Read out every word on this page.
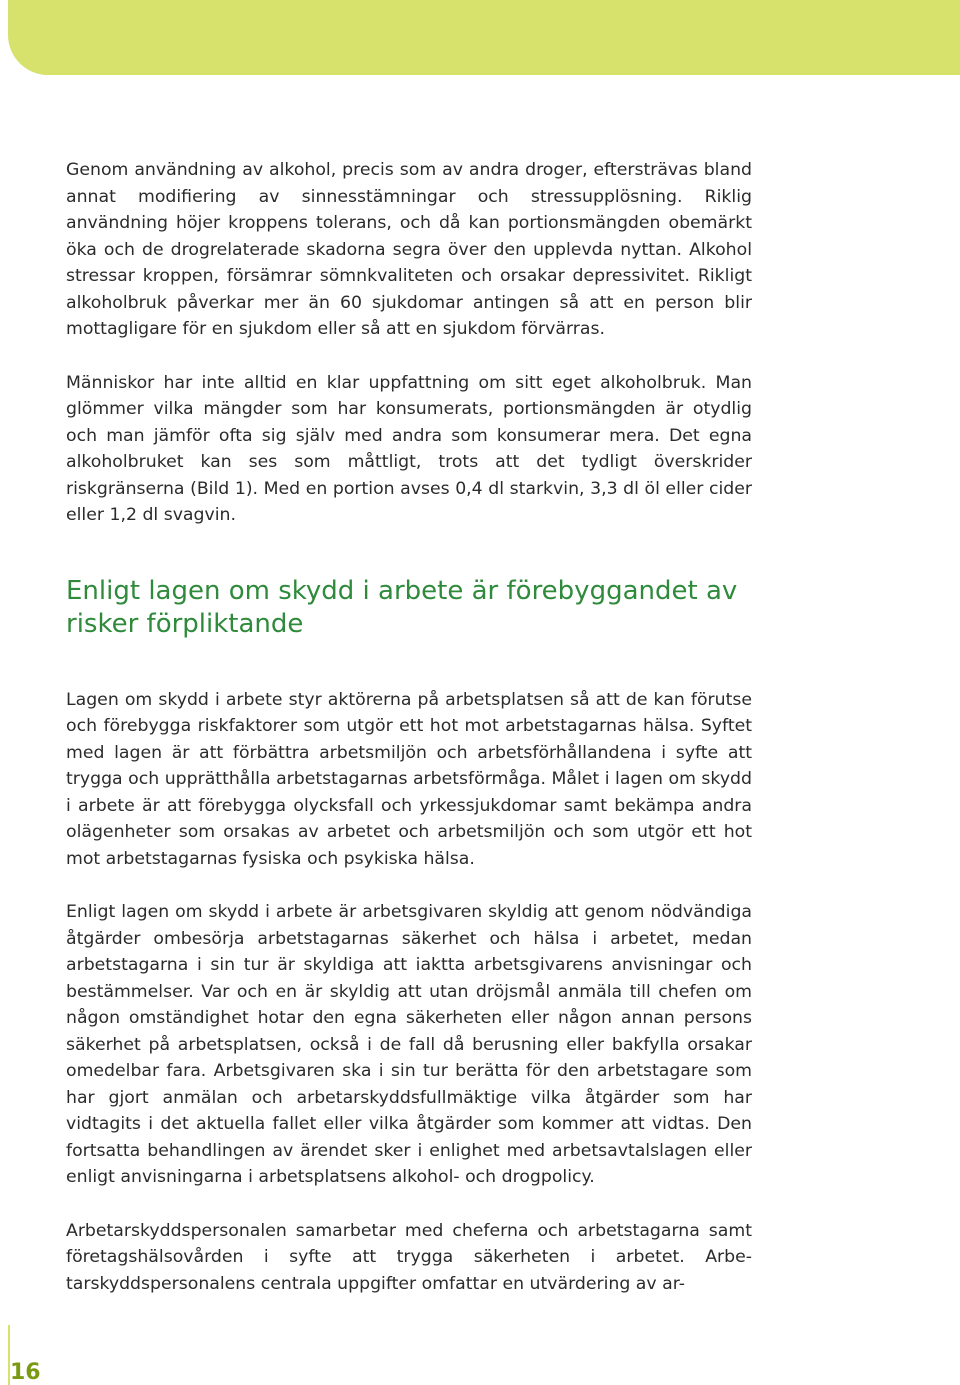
Genom användning av alkohol, precis som av andra droger, eftersträvas bland annat modifiering av sinnesstämningar och stressupplösning. Riklig användning höjer kroppens tolerans, och då kan portionsmängden obemärkt öka och de drogrelaterade skadorna segra över den upplevda nyttan. Alkohol stressar kroppen, försämrar sömnkvaliteten och orsakar depressivitet. Rikligt alkoholbruk påverkar mer än 60 sjukdomar antingen så att en person blir mottagligare för en sjukdom eller så att en sjukdom förvärras.

Människor har inte alltid en klar uppfattning om sitt eget alkoholbruk. Man glömmer vilka mängder som har konsumerats, portionsmängden är otydlig och man jämför ofta sig själv med andra som konsumerar mera. Det egna alkoholbruket kan ses som måttligt, trots att det tydligt överskrider riskgränserna (Bild 1). Med en portion avses 0,4 dl starkvin, 3,3 dl öl eller cider eller 1,2 dl svagvin.

Enligt lagen om skydd i arbete är förebyggandet av risker förpliktande

Lagen om skydd i arbete styr aktörerna på arbetsplatsen så att de kan förutse och förebygga riskfaktorer som utgör ett hot mot arbetstagarnas hälsa. Syftet med lagen är att förbättra arbetsmiljön och arbetsförhållandena i syfte att trygga och upprätthålla arbetstagarnas arbetsförmåga. Målet i lagen om skydd i arbete är att förebygga olycksfall och yrkessjukdomar samt bekämpa andra olägenheter som orsakas av arbetet och arbetsmiljön och som utgör ett hot mot arbetstagarnas fysiska och psykiska hälsa.

Enligt lagen om skydd i arbete är arbetsgivaren skyldig att genom nödvändiga åtgärder ombesörja arbetstagarnas säkerhet och hälsa i arbetet, medan arbetstagarna i sin tur är skyldiga att iaktta arbetsgivarens anvisningar och bestämmelser. Var och en är skyldig att utan dröjsmål anmäla till chefen om någon omständighet hotar den egna säkerheten eller någon annan persons säkerhet på arbetsplatsen, också i de fall då berusning eller bakfylla orsakar omedelbar fara. Arbetsgivaren ska i sin tur berätta för den arbetstagare som har gjort anmälan och arbetarskyddsfullmäktige vilka åtgärder som har vidtagits i det aktuella fallet eller vilka åtgärder som kommer att vidtas. Den fortsatta behandlingen av ärendet sker i enlighet med arbetsavtalslagen eller enligt anvisningarna i arbetsplatsens alkohol- och drogpolicy.

Arbetarskyddspersonalen samarbetar med cheferna och arbetstagarna samt företagshälsovården i syfte att trygga säkerheten i arbetet. Arbetarskyddspersonalens centrala uppgifter omfattar en utvärdering av ar-

16
